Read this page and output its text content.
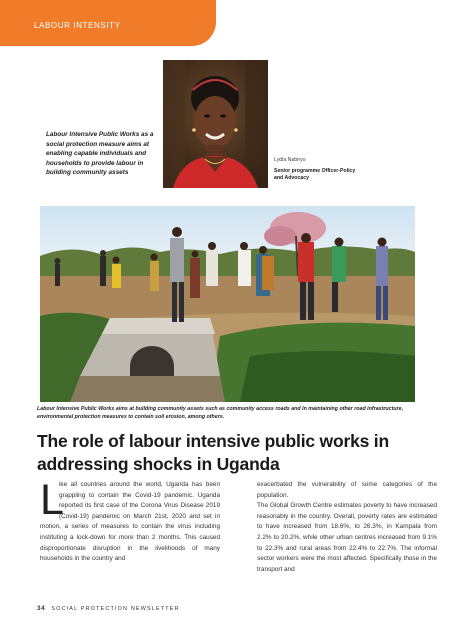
LABOUR INTENSITY
Labour Intensive Public Works as a social protection measure aims at enabling capable individuals and households to provide labour in building community assets
Lydia Nabiryo
Senior programme Officer-Policy and Advocacy
Labour Intensive Public Works aims at building community assets such as community access roads and in maintaining other road infrastructure, environmental protection measures to contain soil erosion, among others.
The role of labour intensive public works in addressing shocks in Uganda
L
ike all countries around the world, Uganda has been grappling to contain the Covid-19 pandemic. Uganda reported its first case of the Corona Virus Disease 2019 (Covid-19) pandemic on March 21st, 2020 and set in motion, a series of measures to contain the virus including instituting a lock-down for more than 2 months. This caused disproportionate disruption in the livelihoods of many households in the country and

exacerbated the vulnerability of some categories of the population.

The Global Growth Centre estimates poverty to have increased reasonably in the country. Overall, poverty rates are estimated to have increased from 18.6%, to 26.3%, in Kampala from 2.2% to 20.2%, while other urban centres increased from 9.1% to 22.3% and rural areas from 22.4% to 22.7%. The informal sector workers were the most affected. Specifically those in the transport and

34 SOCIAL PROTECTION NEWSLETTER
